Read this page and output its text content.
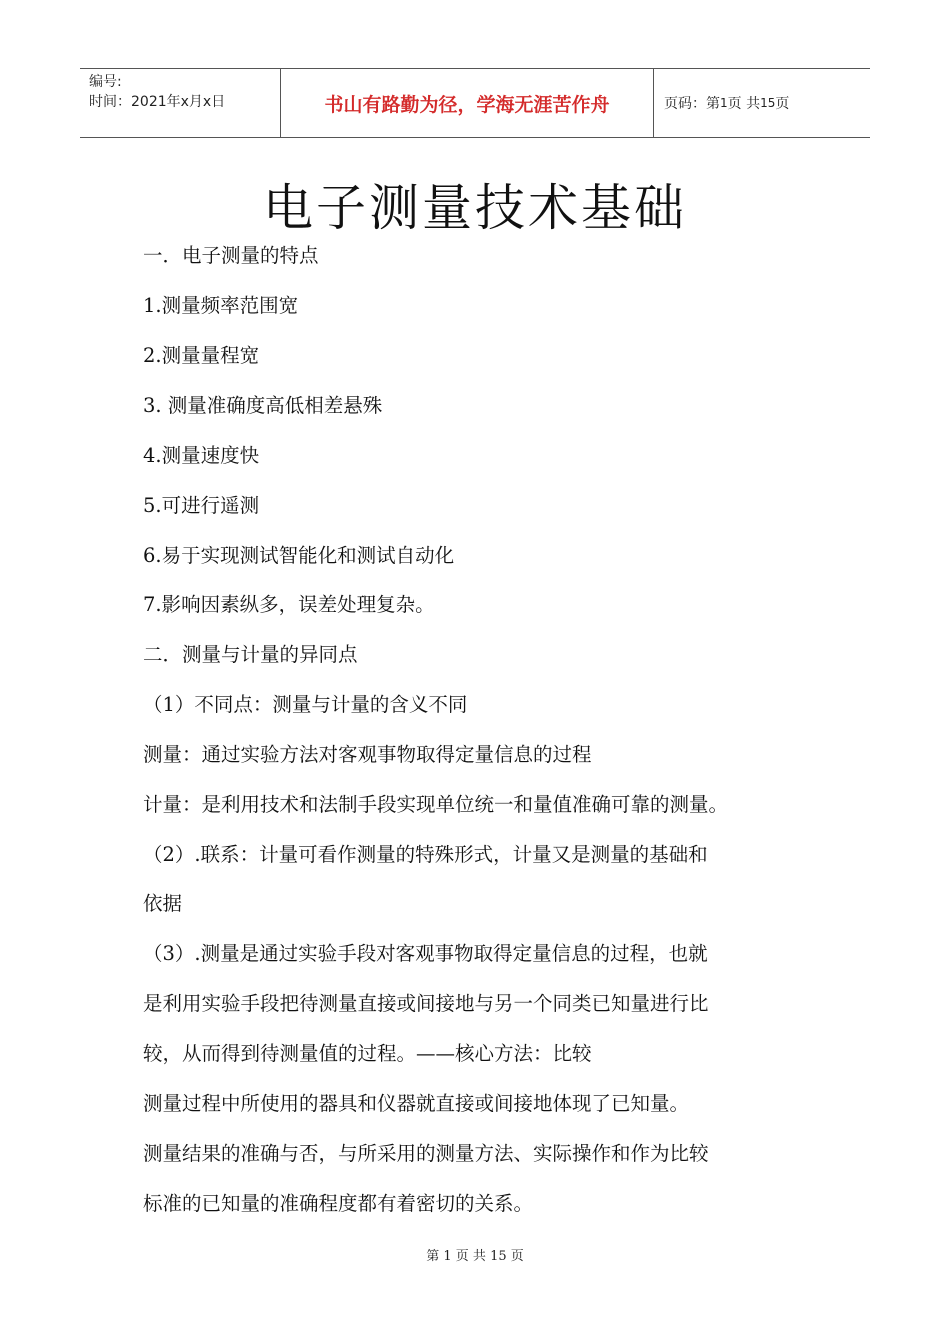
编号:
时间：2021年x月x日	书山有路勤为径，学海无涯苦作舟	页码：第 1 页 共 15 页
电子测量技术基础
一．电子测量的特点
1.测量频率范围宽
2.测量量程宽
3. 测量准确度高低相差悬殊
4.测量速度快
5.可进行遥测
6.易于实现测试智能化和测试自动化
7.影响因素纵多，误差处理复杂。
二．测量与计量的异同点
（1）不同点：测量与计量的含义不同
测量：通过实验方法对客观事物取得定量信息的过程
计量：是利用技术和法制手段实现单位统一和量值准确可靠的测量。
（2）.联系：计量可看作测量的特殊形式，计量又是测量的基础和
依据
（3）.测量是通过实验手段对客观事物取得定量信息的过程，也就
是利用实验手段把待测量直接或间接地与另一个同类已知量进行比
较，从而得到待测量值的过程。——核心方法：比较
测量过程中所使用的器具和仪器就直接或间接地体现了已知量。
测量结果的准确与否，与所采用的测量方法、实际操作和作为比较
标准的已知量的准确程度都有着密切的关系。
第 1 页 共 15 页
